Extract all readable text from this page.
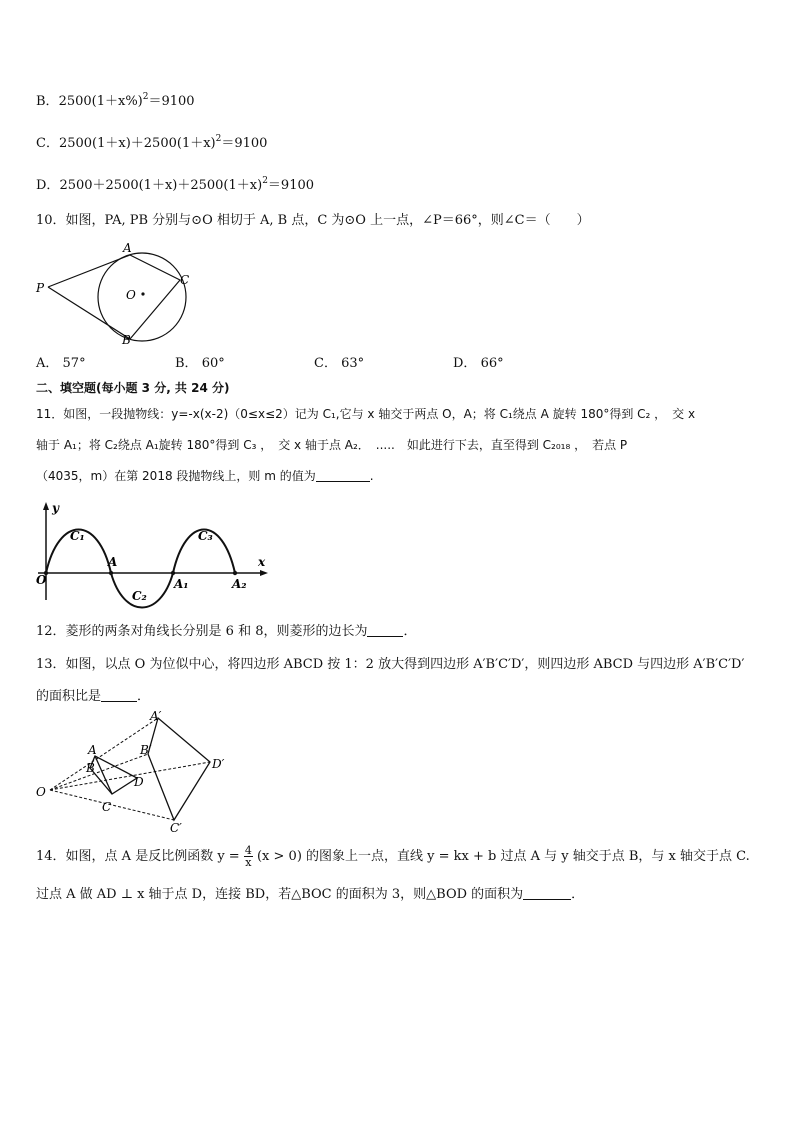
B．$2500(1+x\%)^2=9100$
C．$2500(1+x)+2500(1+x)^2=9100$
D．$2500+2500(1+x)+2500(1+x)^2=9100$
10．如图，PA, PB 分别与⊙O 相切于 A, B 点，C 为⊙O 上一点，∠P＝66°，则∠C＝（　　）
P
A
C
B
O
A． 57°	B． 60°	C． 63°	D． 66°
二、填空题(每小题 3 分, 共 24 分)
11．如图，一段抛物线：y=-x(x-2)（0≤x≤2）记为 C₁,它与 x 轴交于两点 O，A；将 C₁绕点 A 旋转 180°得到 C₂ ，　交 x
轴于 A₁；将 C₂绕点 A₁旋转 180°得到 C₃ ，　交 x 轴于点 A₂．　.....　如此进行下去，直至得到 C₂₀₁₈ ，　若点 P
（4035，m）在第 2018 段抛物线上，则 m 的值为	.
y
x
O
A
A₁	A₂
C₁
C₂
C₃
12．菱形的两条对角线长分别是 6 和 8，则菱形的边长为	．
13．如图，以点 O 为位似中心，将四边形 ABCD 按 1：2 放大得到四边形 A′B′C′D′，则四边形 ABCD 与四边形 A′B′C′D′
的面积比是	．
O
A
B
C
D
A′
B′
C′
D′
14．如图，点 A 是反比例函数 $y = \frac{4}{x} (x > 0)$ 的图象上一点，直线 y = kx + b 过点 A 与 y 轴交于点 B，与 x 轴交于点 C.
过点 A 做 AD ⊥ x 轴于点 D，连接 BD，若△BOC 的面积为 3，则△BOD 的面积为	．
